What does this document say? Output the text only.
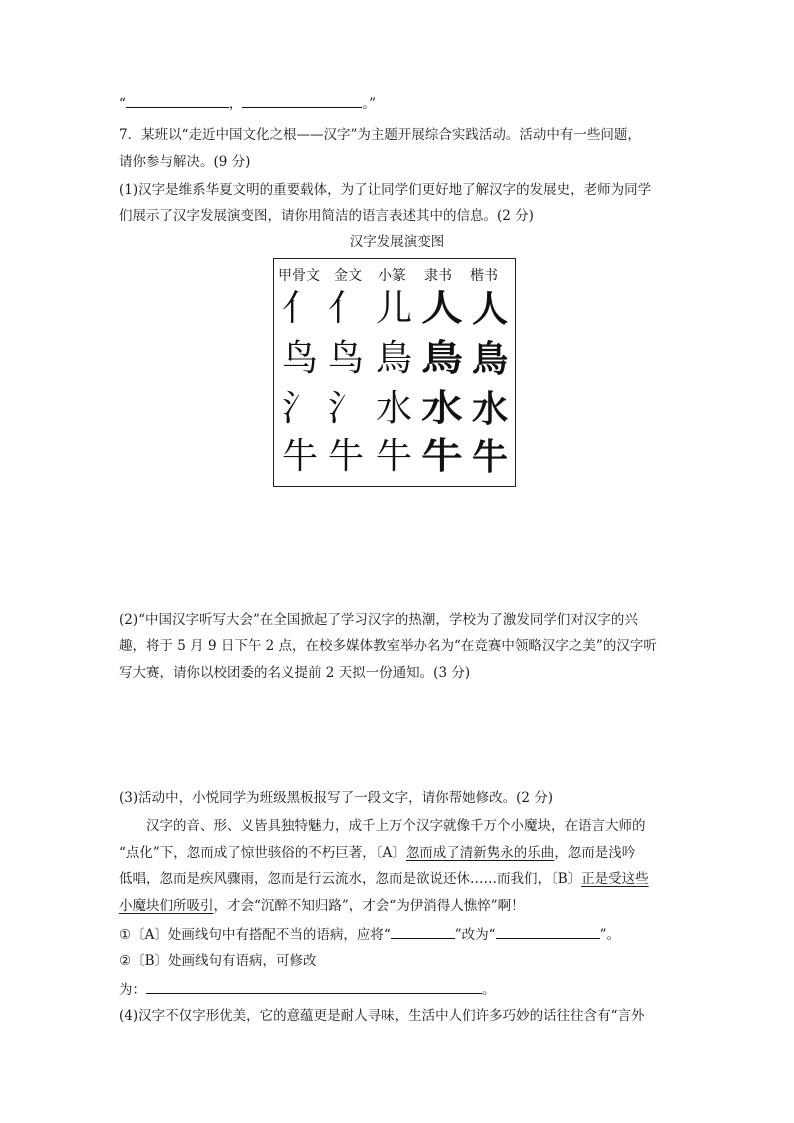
“	，	。”
7．某班以“走近中国文化之根——汉字”为主题开展综合实践活动。活动中有一些问题，
请你参与解决。(9 分)
(1)汉字是维系华夏文明的重要载体，为了让同学们更好地了解汉字的发展史，老师为同学
们展示了汉字发展演变图，请你用简洁的语言表述其中的信息。(2 分)
汉字发展演变图
甲骨文 金文 小篆 隶书 楷书
亻 亻 儿 人 人
鸟 鸟 鳥 鳥 鳥
氵 氵 水 水 水
牛 牛 牛 牛 牛
(2)“中国汉字听写大会”在全国掀起了学习汉字的热潮，学校为了激发同学们对汉字的兴
趣，将于 5 月 9 日下午 2 点，在校多媒体教室举办名为“在竞赛中领略汉字之美”的汉字听
写大赛，请你以校团委的名义提前 2 天拟一份通知。(3 分)
(3)活动中，小悦同学为班级黑板报写了一段文字，请你帮她修改。(2 分)
汉字的音、形、义皆具独特魅力，成千上万个汉字就像千万个小魔块，在语言大师的
“点化”下，忽而成了惊世骇俗的不朽巨著，〔A〕忽而成了清新隽永的乐曲，忽而是浅吟
低唱，忽而是疾风骤雨，忽而是行云流水，忽而是欲说还休……而我们，〔B〕正是受这些
小魔块们所吸引，才会“沉醉不知归路”，才会“为伊消得人憔悴”啊！
①〔A〕处画线句中有搭配不当的语病，应将“	”改为“	”。
②〔B〕处画线句有语病，可修改
为：	。
(4)汉字不仅字形优美，它的意蕴更是耐人寻味，生活中人们许多巧妙的话往往含有“言外
